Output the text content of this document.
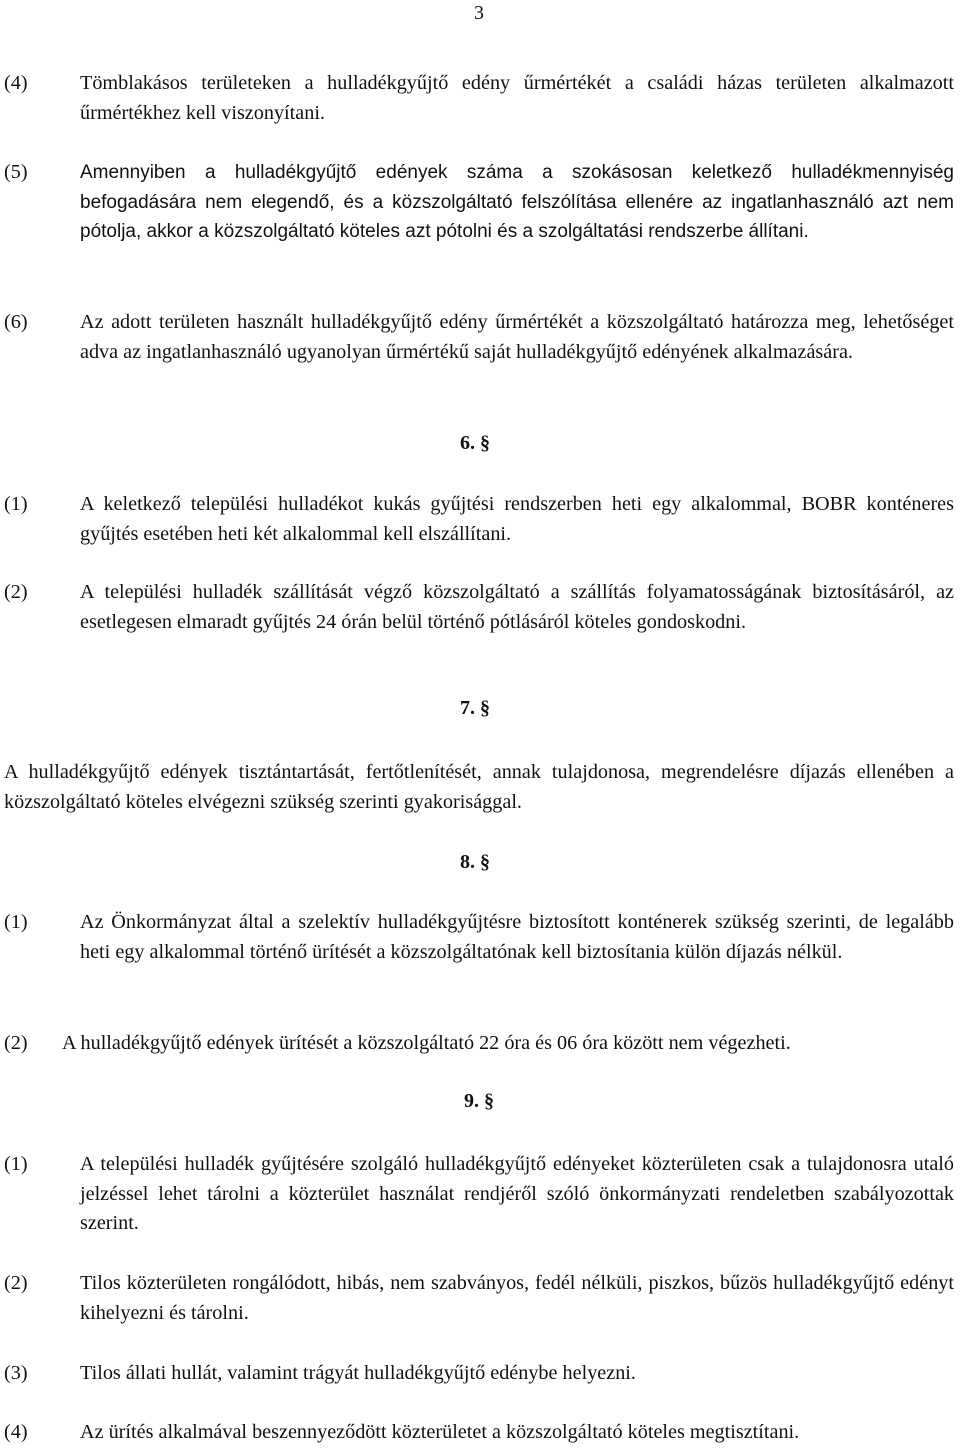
3
(4)	Tömblakásos területeken a hulladékgyűjtő edény űrmértékét a családi házas területen alkalmazott űrmértékhez kell viszonyítani.
(5)	Amennyiben a hulladékgyűjtő edények száma a szokásosan keletkező hulladékmennyiség befogadására nem elegendő, és a közszolgáltató felszólítása ellenére az ingatlanhasználó azt nem pótolja, akkor a közszolgáltató köteles azt pótolni és a szolgáltatási rendszerbe állítani.
(6)	Az adott területen használt hulladékgyűjtő edény űrmértékét a közszolgáltató határozza meg, lehetőséget adva az ingatlanhasználó ugyanolyan űrmértékű saját hulladékgyűjtő edényének alkalmazására.
6. §
(1)	A keletkező települési hulladékot kukás gyűjtési rendszerben heti egy alkalommal, BOBR konténeres gyűjtés esetében heti két alkalommal kell elszállítani.
(2)	A települési hulladék szállítását végző közszolgáltató a szállítás folyamatosságának biztosításáról, az esetlegesen elmaradt gyűjtés 24 órán belül történő pótlásáról köteles gondoskodni.
7. §
A hulladékgyűjtő edények tisztántartását, fertőtlenítését, annak tulajdonosa, megrendelésre díjazás ellenében a közszolgáltató köteles elvégezni szükség szerinti gyakorisággal.
8. §
(1)	Az Önkormányzat által a szelektív hulladékgyűjtésre biztosított konténerek szükség szerinti, de legalább heti egy alkalommal történő ürítését a közszolgáltatónak kell biztosítania külön díjazás nélkül.
(2) A hulladékgyűjtő edények ürítését a közszolgáltató 22 óra és 06 óra között nem végezheti.
9. §
(1)	A települési hulladék gyűjtésére szolgáló hulladékgyűjtő edényeket közterületen csak a tulajdonosra utaló jelzéssel lehet tárolni a közterület használat rendjéről szóló önkormányzati rendeletben szabályozottak szerint.
(2)	Tilos közterületen rongálódott, hibás, nem szabványos, fedél nélküli, piszkos, bűzös hulladékgyűjtő edényt kihelyezni és tárolni.
(3)	Tilos állati hullát, valamint trágyát hulladékgyűjtő edénybe helyezni.
(4)	Az ürítés alkalmával beszennyeződött közterületet a közszolgáltató köteles megtisztítani.
